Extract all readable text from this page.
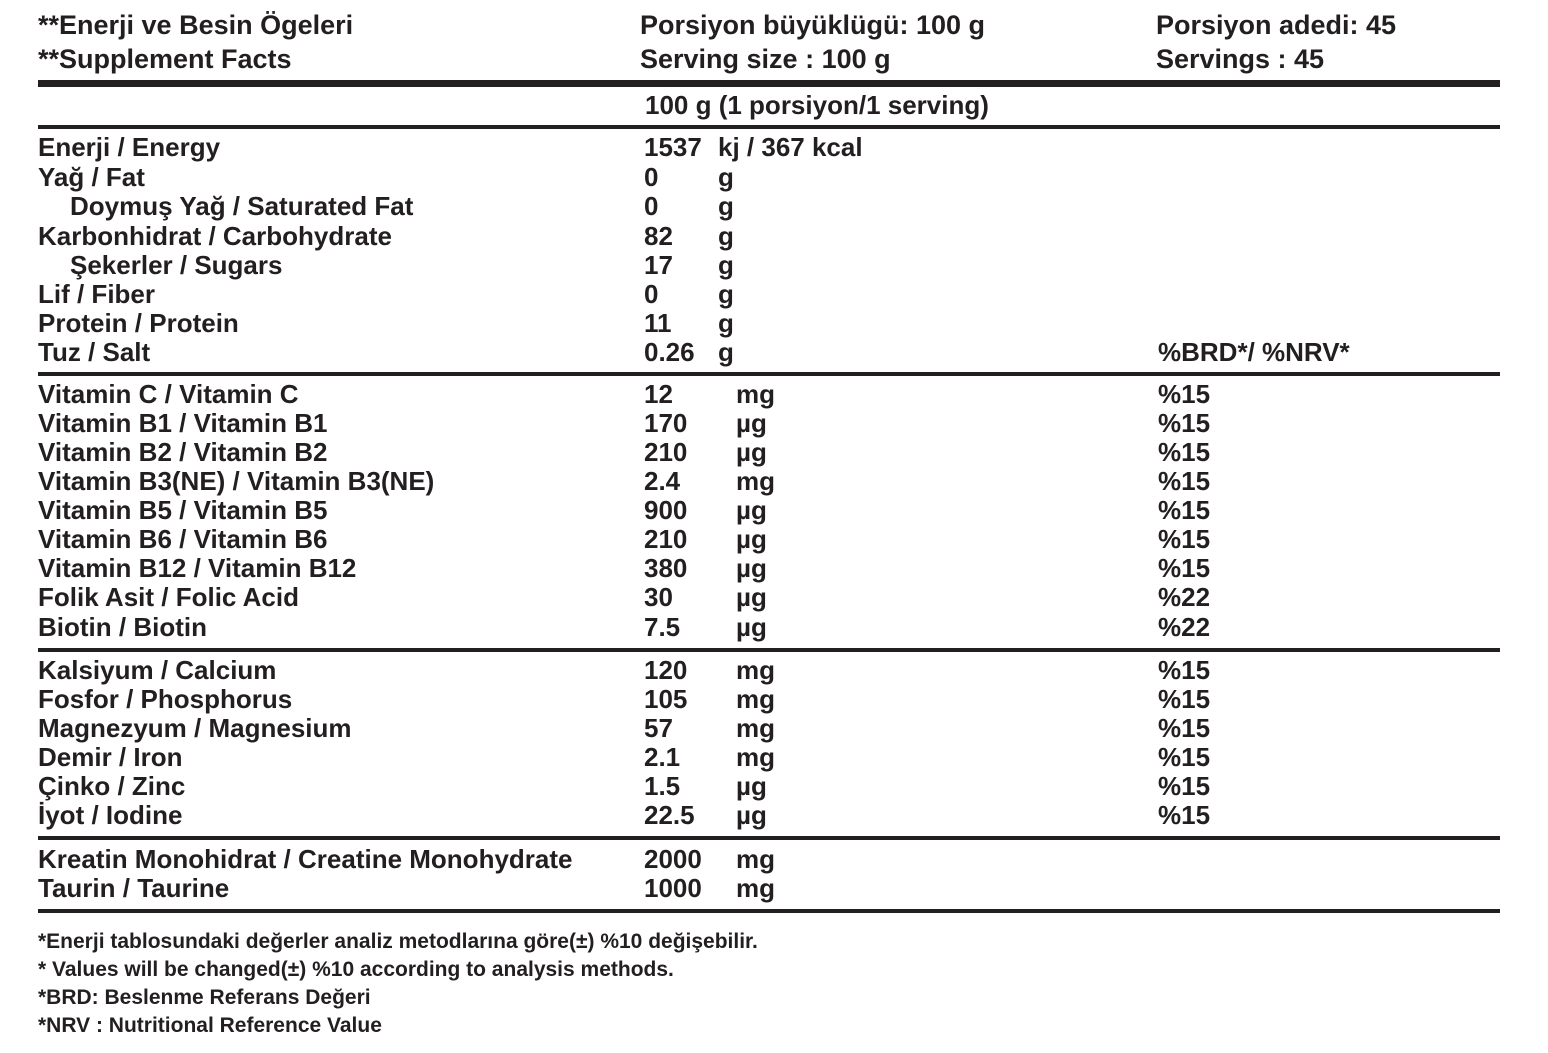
**Enerji ve Besin Ögeleri
**Supplement Facts
Porsiyon büyüklügü: 100 g
Serving size : 100 g
Porsiyon adedi: 45
Servings : 45
100 g (1 porsiyon/1 serving)
Enerji / Energy	1537 kj / 367 kcal
Yağ / Fat	0 g
Doymuş Yağ / Saturated Fat	0 g
Karbonhidrat / Carbohydrate	82 g
Şekerler / Sugars	17 g
Lif / Fiber	0 g
Protein / Protein	11 g
Tuz / Salt	0.26 g	%BRD*/ %NRV*
Vitamin C / Vitamin C	12 mg	%15
Vitamin B1 / Vitamin B1	170 µg	%15
Vitamin B2 / Vitamin B2	210 µg	%15
Vitamin B3(NE) / Vitamin B3(NE)	2.4 mg	%15
Vitamin B5 / Vitamin B5	900 µg	%15
Vitamin B6 / Vitamin B6	210 µg	%15
Vitamin B12 / Vitamin B12	380 µg	%15
Folik Asit / Folic Acid	30 µg	%22
Biotin / Biotin	7.5 µg	%22
Kalsiyum / Calcium	120 mg	%15
Fosfor / Phosphorus	105 mg	%15
Magnezyum / Magnesium	57 mg	%15
Demir / Iron	2.1 mg	%15
Çinko / Zinc	1.5 µg	%15
İyot / Iodine	22.5 µg	%15
Kreatin Monohidrat / Creatine Monohydrate	2000 mg
Taurin / Taurine	1000 mg
*Enerji tablosundaki değerler analiz metodlarına göre(±) %10 değişebilir.
* Values will be changed(±) %10 according to analysis methods.
*BRD: Beslenme Referans Değeri
*NRV : Nutritional Reference Value
